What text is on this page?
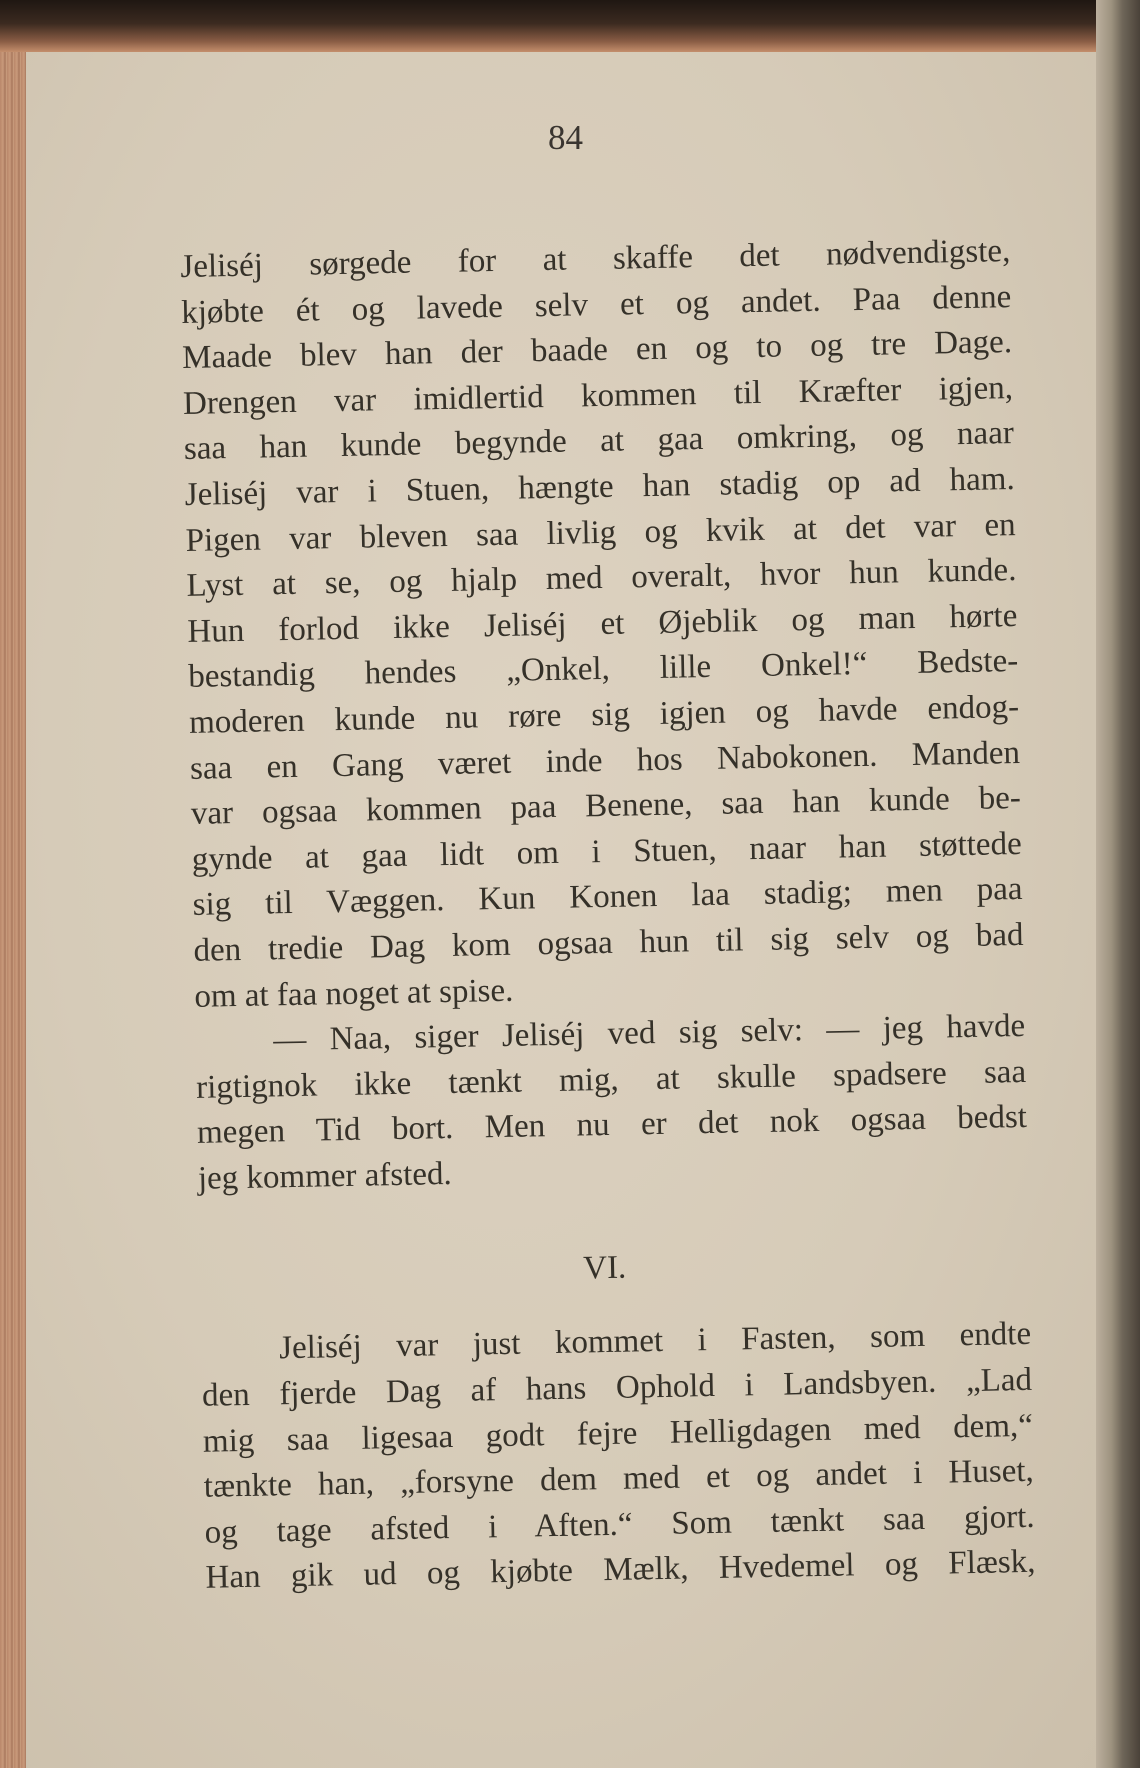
84
Jeliséj sørgede for at skaffe det nødvendigste,
kjøbte ét og lavede selv et og andet. Paa denne
Maade blev han der baade en og to og tre Dage.
Drengen var imidlertid kommen til Kræfter igjen,
saa han kunde begynde at gaa omkring, og naar
Jeliséj var i Stuen, hængte han stadig op ad ham.
Pigen var bleven saa livlig og kvik at det var en
Lyst at se, og hjalp med overalt, hvor hun kunde.
Hun forlod ikke Jeliséj et Øjeblik og man hørte
bestandig hendes „Onkel, lille Onkel!“ Bedste-
moderen kunde nu røre sig igjen og havde endog-
saa en Gang været inde hos Nabokonen. Manden
var ogsaa kommen paa Benene, saa han kunde be-
gynde at gaa lidt om i Stuen, naar han støttede
sig til Væggen. Kun Konen laa stadig; men paa
den tredie Dag kom ogsaa hun til sig selv og bad
om at faa noget at spise.
— Naa, siger Jeliséj ved sig selv: — jeg havde
rigtignok ikke tænkt mig, at skulle spadsere saa
megen Tid bort. Men nu er det nok ogsaa bedst
jeg kommer afsted.
VI.
Jeliséj var just kommet i Fasten, som endte
den fjerde Dag af hans Ophold i Landsbyen. „Lad
mig saa ligesaa godt fejre Helligdagen med dem,“
tænkte han, „forsyne dem med et og andet i Huset,
og tage afsted i Aften.“ Som tænkt saa gjort.
Han gik ud og kjøbte Mælk, Hvedemel og Flæsk,
